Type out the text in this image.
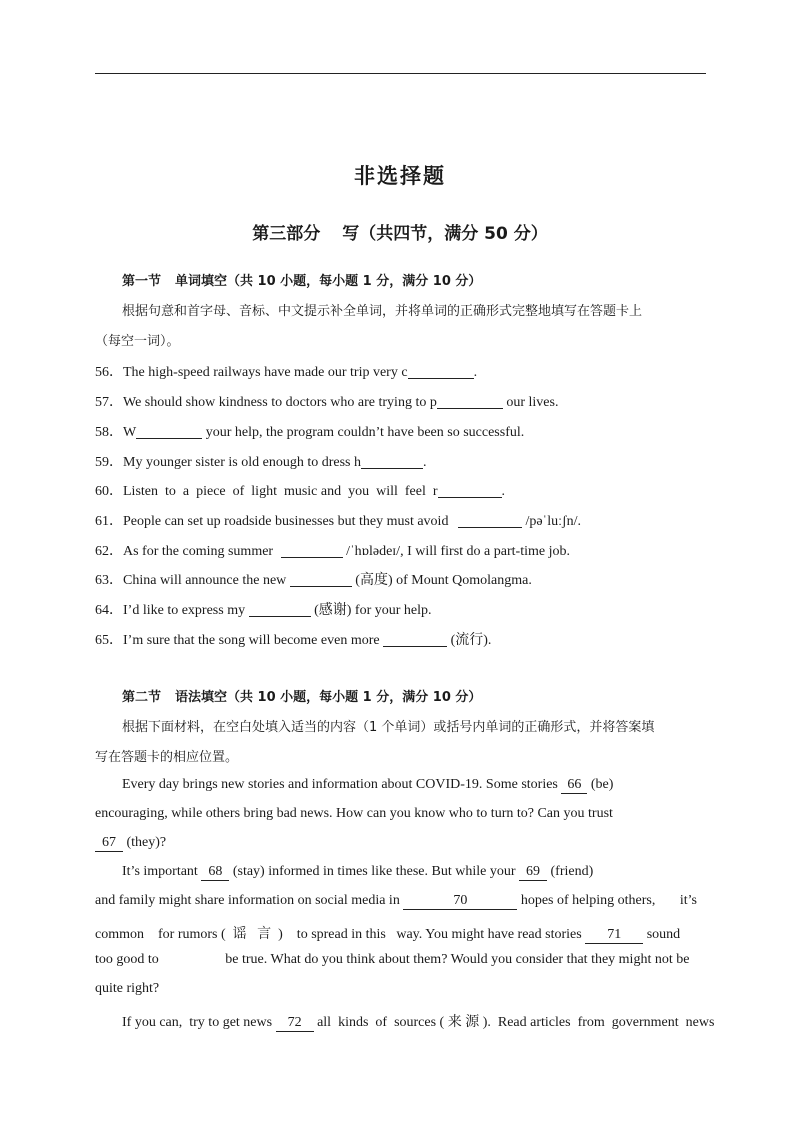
非选择题
第三部分 写（共四节，满分 50 分）
第一节 单词填空（共 10 小题，每小题 1 分，满分 10 分）
根据句意和首字母、音标、中文提示补全单词，并将单词的正确形式完整地填写在答题卡上
（每空一词）。
56．The high-speed railways have made our trip very c	.
57．We should show kindness to doctors who are trying to p	our lives.
58．W	your help, the program couldn’t have been so successful.
59．My younger sister is old enough to dress h	.
60．Listen  to  a  piece  of  light  music and  you  will  feel  r	.
61．People can set up roadside businesses but they must avoid	/pəˈluːʃn/.
62．As for the coming summer	/ˈhɒlədeɪ/, I will first do a part-time job.
63．China will announce the new	(高度) of Mount Qomolangma.
64．I’d like to express my	(感谢) for your help.
65．I’m sure that the song will become even more	(流行).
第二节 语法填空（共 10 小题，每小题 1 分，满分 10 分）
根据下面材料，在空白处填入适当的内容（1 个单词）或括号内单词的正确形式，并将答案填
写在答题卡的相应位置。
Every day brings new stories and information about COVID-19. Some stories 66 (be)
encouraging, while others bring bad news. How can you know who to turn to? Can you trust
67 (they)?
It’s important 68 (stay) informed in times like these. But while your 69 (friend)
and family might share information on social media in	70	hopes of helping others,       it’s
common    for rumors (  谣   言  )    to spread in this   way. You might have read stories 71 sound
too good to                   be true. What do you think about them? Would you consider that they might not be
quite right?
If you can,  try to get news 72 all  kinds  of  sources ( 来 源 ).  Read articles  from  government  news
